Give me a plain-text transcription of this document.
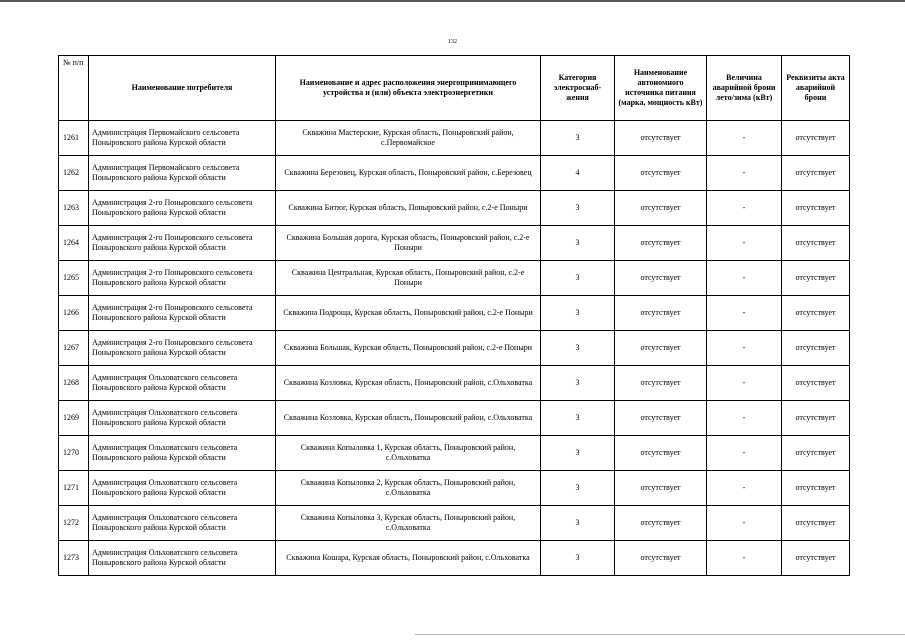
132
№ п/п	Наименование потребителя	Наименование и адрес расположения энергопринимающего устройства и (или) объекта электроэнергетики	Категория электроснаб-жения	Наименование автономного источника питания (марка, мощность кВт)	Величина аварийной брони лето/зима (кВт)	Реквизиты акта аварийной брони
1261	Администрация Первомайского сельсовета Поныровского района Курской области	Скважина Мастерские, Курская область, Поныровский район, с.Первомайское	3	отсутствует	-	отсутствует
1262	Администрация Первомайского сельсовета Поныровского района Курской области	Скважина Березовец, Курская область, Поныровский район, с.Березовец	4	отсутствует	-	отсутствует
1263	Администрация 2-го Поныровского сельсовета Поныровского района Курской области	Скважина Битюг, Курская область, Поныровский район, с.2-е Поныри	3	отсутствует	-	отсутствует
1264	Администрация 2-го Поныровского сельсовета Поныровского района Курской области	Скважина Большая дорога, Курская область, Поныровский район, с.2-е Поныри	3	отсутствует	-	отсутствует
1265	Администрация 2-го Поныровского сельсовета Поныровского района Курской области	Скважина Центральная, Курская область, Поныровский район, с.2-е Поныри	3	отсутствует	-	отсутствует
1266	Администрация 2-го Поныровского сельсовета Поныровского района Курской области	Скважина Подроща, Курская область, Поныровский район, с.2-е Поныри	3	отсутствует	-	отсутствует
1267	Администрация 2-го Поныровского сельсовета Поныровского района Курской области	Скважина Большак, Курская область, Поныровский район, с.2-е Поныри	3	отсутствует	-	отсутствует
1268	Администрация Ольховатского сельсовета Поныровского района Курской области	Скважина Козловка, Курская область, Поныровский район, с.Ольховатка	3	отсутствует	-	отсутствует
1269	Администрация Ольховатского сельсовета Поныровского района Курской области	Скважина Козловка, Курская область, Поныровский район, с.Ольховатка	3	отсутствует	-	отсутствует
1270	Администрация Ольховатского сельсовета Поныровского района Курской области	Скважина Копыловка 1, Курская область, Поныровский район, с.Ольховатка	3	отсутствует	-	отсутствует
1271	Администрация Ольховатского сельсовета Поныровского района Курской области	Скважина Копыловка 2, Курская область, Поныровский район, с.Ольховатка	3	отсутствует	-	отсутствует
1272	Администрация Ольховатского сельсовета Поныровского района Курской области	Скважина Копыловка 3, Курская область, Поныровский район, с.Ольховатка	3	отсутствует	-	отсутствует
1273	Администрация Ольховатского сельсовета Поныровского района Курской области	Скважина Кошара, Курская область, Поныровский район, с.Ольховатка	3	отсутствует	-	отсутствует
